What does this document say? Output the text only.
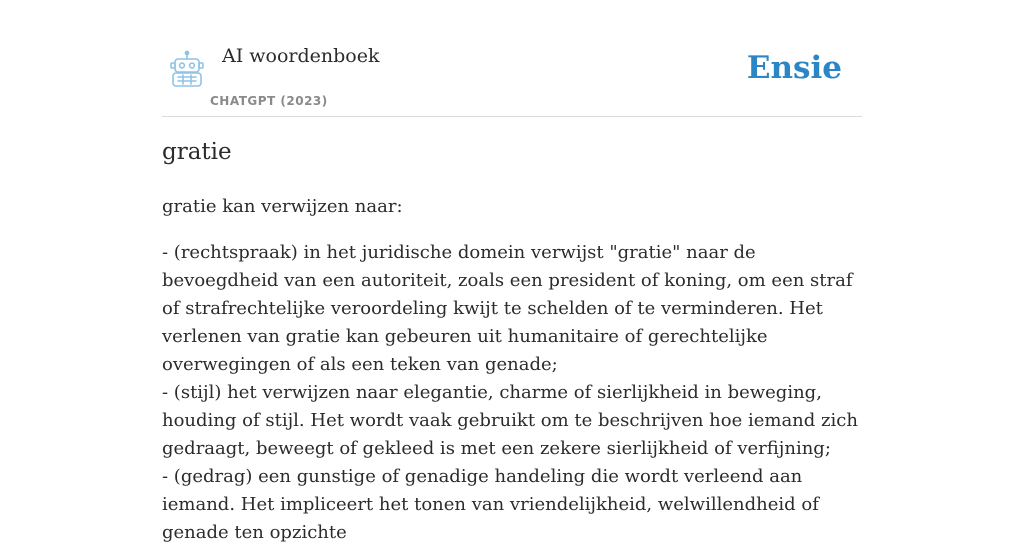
AI woordenboek
CHATGPT (2023)
Ensie
gratie
gratie kan verwijzen naar:

- (rechtspraak) in het juridische domein verwijst "gratie" naar de bevoegdheid van een autoriteit, zoals een president of koning, om een straf of strafrechtelijke veroordeling kwijt te schelden of te verminderen. Het verlenen van gratie kan gebeuren uit humanitaire of gerechtelijke overwegingen of als een teken van genade;

- (stijl) het verwijzen naar elegantie, charme of sierlijkheid in beweging, houding of stijl. Het wordt vaak gebruikt om te beschrijven hoe iemand zich gedraagt, beweegt of gekleed is met een zekere sierlijkheid of verfijning;

- (gedrag) een gunstige of genadige handeling die wordt verleend aan iemand. Het impliceert het tonen van vriendelijkheid, welwillendheid of genade ten opzichte
